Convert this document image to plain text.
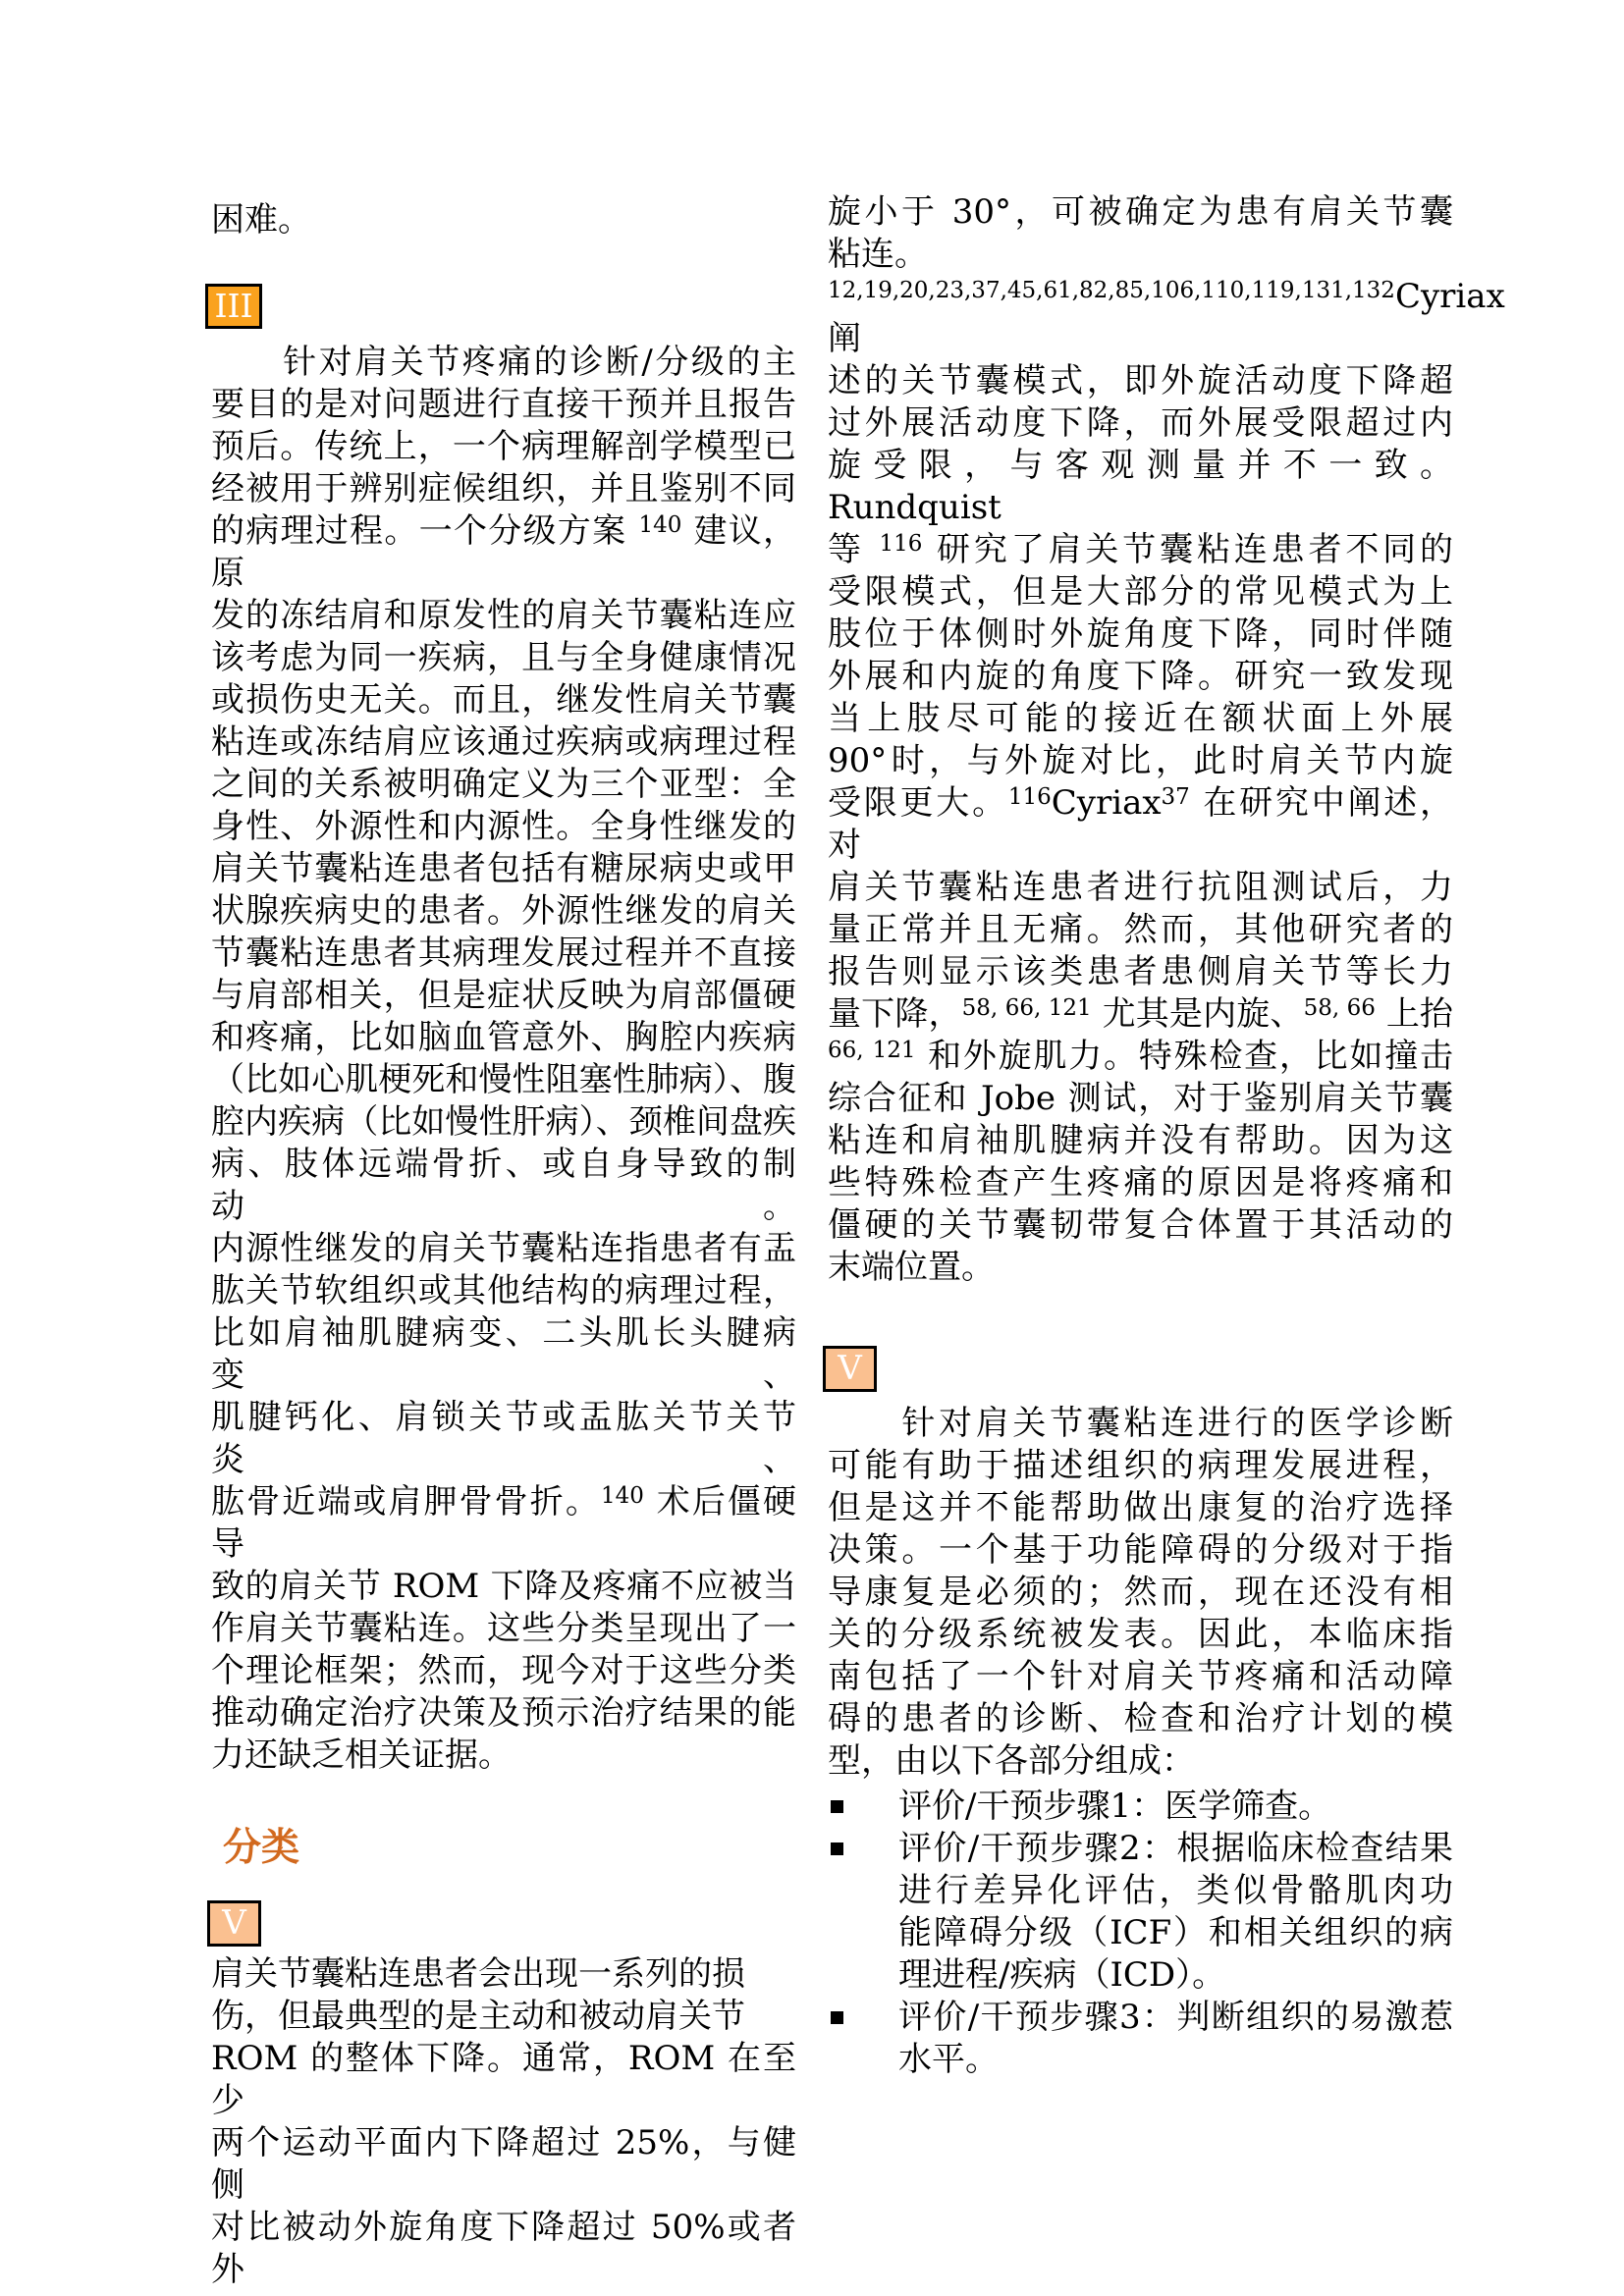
困难。
III
　　针对肩关节疼痛的诊断/分级的主
要目的是对问题进行直接干预并且报告
预后。传统上，一个病理解剖学模型已
经被用于辨别症候组织，并且鉴别不同
的病理过程。一个分级方案 $^{140}$ 建议，原
发的冻结肩和原发性的肩关节囊粘连应
该考虑为同一疾病，且与全身健康情况
或损伤史无关。而且，继发性肩关节囊
粘连或冻结肩应该通过疾病或病理过程
之间的关系被明确定义为三个亚型：全
身性、外源性和内源性。全身性继发的
肩关节囊粘连患者包括有糖尿病史或甲
状腺疾病史的患者。外源性继发的肩关
节囊粘连患者其病理发展过程并不直接
与肩部相关，但是症状反映为肩部僵硬
和疼痛，比如脑血管意外、胸腔内疾病
（比如心肌梗死和慢性阻塞性肺病）、腹
腔内疾病（比如慢性肝病）、颈椎间盘疾
病、肢体远端骨折、或自身导致的制动。
内源性继发的肩关节囊粘连指患者有盂
肱关节软组织或其他结构的病理过程，
比如肩袖肌腱病变、二头肌长头腱病变、
肌腱钙化、肩锁关节或盂肱关节关节炎、
肱骨近端或肩胛骨骨折。$^{140}$ 术后僵硬导
致的肩关节 ROM 下降及疼痛不应被当
作肩关节囊粘连。这些分类呈现出了一
个理论框架；然而，现今对于这些分类
推动确定治疗决策及预示治疗结果的能
力还缺乏相关证据。
分类
V
肩关节囊粘连患者会出现一系列的损
伤，但最典型的是主动和被动肩关节
ROM 的整体下降。通常，ROM 在至少
两个运动平面内下降超过 25%，与健侧
对比被动外旋角度下降超过 50%或者外
旋小于 30°，可被确定为患有肩关节囊
粘连。
$^{12,19,20,23,37,45,61,82,85,106,110,119,131,132}$Cyriax 阐
述的关节囊模式，即外旋活动度下降超
过外展活动度下降，而外展受限超过内
旋受限，与客观测量并不一致。Rundquist
等 $^{116}$ 研究了肩关节囊粘连患者不同的
受限模式，但是大部分的常见模式为上
肢位于体侧时外旋角度下降，同时伴随
外展和内旋的角度下降。研究一致发现
当上肢尽可能的接近在额状面上外展
90°时，与外旋对比，此时肩关节内旋
受限更大。$^{116}$Cyriax$^{37}$ 在研究中阐述，对
肩关节囊粘连患者进行抗阻测试后，力
量正常并且无痛。然而，其他研究者的
报告则显示该类患者患侧肩关节等长力
量下降，$^{58, 66, 121}$ 尤其是内旋、$^{58, 66}$ 上抬
$^{66, 121}$ 和外旋肌力。特殊检查，比如撞击
综合征和 Jobe 测试，对于鉴别肩关节囊
粘连和肩袖肌腱病并没有帮助。因为这
些特殊检查产生疼痛的原因是将疼痛和
僵硬的关节囊韧带复合体置于其活动的
末端位置。
V
　　针对肩关节囊粘连进行的医学诊断
可能有助于描述组织的病理发展进程，
但是这并不能帮助做出康复的治疗选择
决策。一个基于功能障碍的分级对于指
导康复是必须的；然而，现在还没有相
关的分级系统被发表。因此，本临床指
南包括了一个针对肩关节疼痛和活动障
碍的患者的诊断、检查和治疗计划的模
型，由以下各部分组成：
评价/干预步骤1：医学筛查。
评价/干预步骤2：根据临床检查结果
进行差异化评估，类似骨骼肌肉功
能障碍分级（ICF）和相关组织的病
理进程/疾病（ICD）。
评价/干预步骤3：判断组织的易激惹
水平。
